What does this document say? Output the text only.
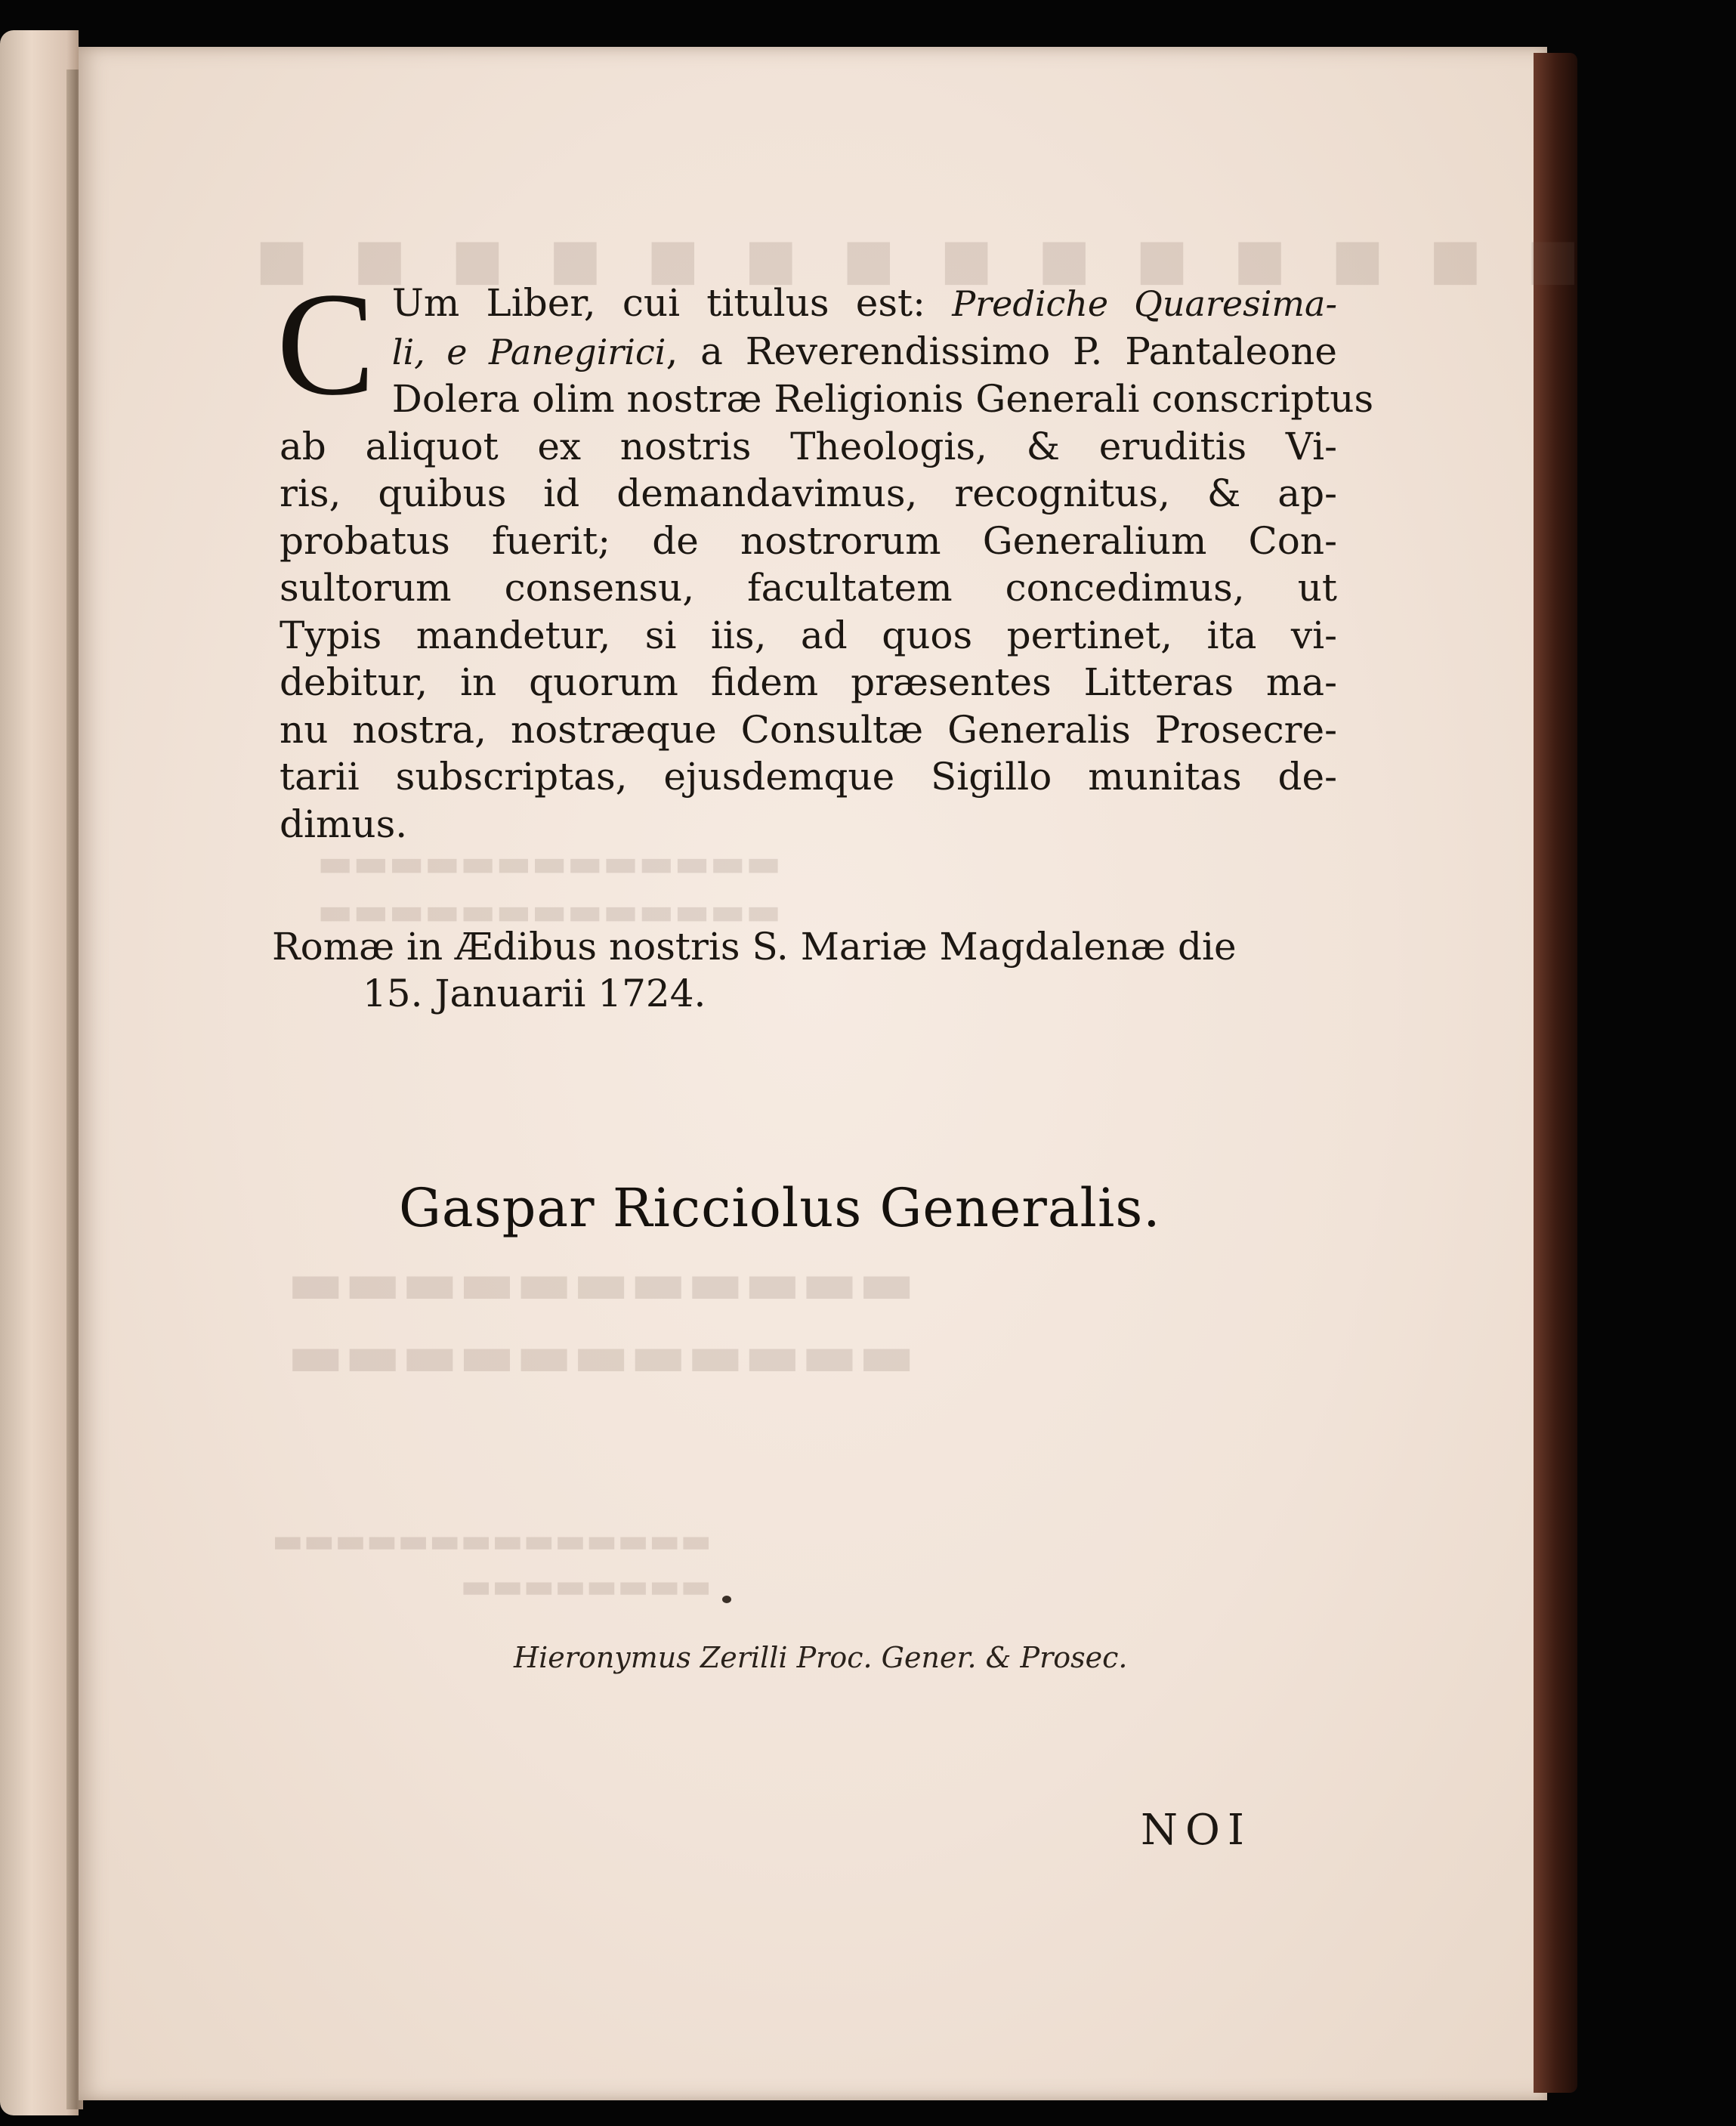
■ ■ ■ ■ ■ ■ ■ ■ ■ ■ ■ ■ ■ ■
▬▬▬▬▬▬▬▬▬▬▬▬▬
▬▬▬▬▬▬▬▬▬▬▬▬▬
▬▬▬▬▬▬▬▬▬▬▬
▬▬▬▬▬▬▬▬▬▬▬
▬▬▬▬▬▬▬▬▬▬▬▬▬▬
▬▬▬▬▬▬▬▬
C Um Liber, cui titulus est: Prediche Quaresima-
li, e Panegirici, a Reverendissimo P. Pantaleone
Dolera olim nostræ Religionis Generali conscriptus
ab aliquot ex nostris Theologis, & eruditis Vi-
ris, quibus id demandavimus, recognitus, & ap-
probatus fuerit; de nostrorum Generalium Con-
sultorum consensu, facultatem concedimus, ut
Typis mandetur, si iis, ad quos pertinet, ita vi-
debitur, in quorum fidem præsentes Litteras ma-
nu nostra, nostræque Consultæ Generalis Prosecre-
tarii subscriptas, ejusdemque Sigillo munitas de-
dimus.
Romæ in Ædibus nostris S. Mariæ Magdalenæ die
15. Januarii 1724.
Gaspar Ricciolus Generalis.
Hieronymus Zerilli Proc. Gener. & Prosec.
NOI
